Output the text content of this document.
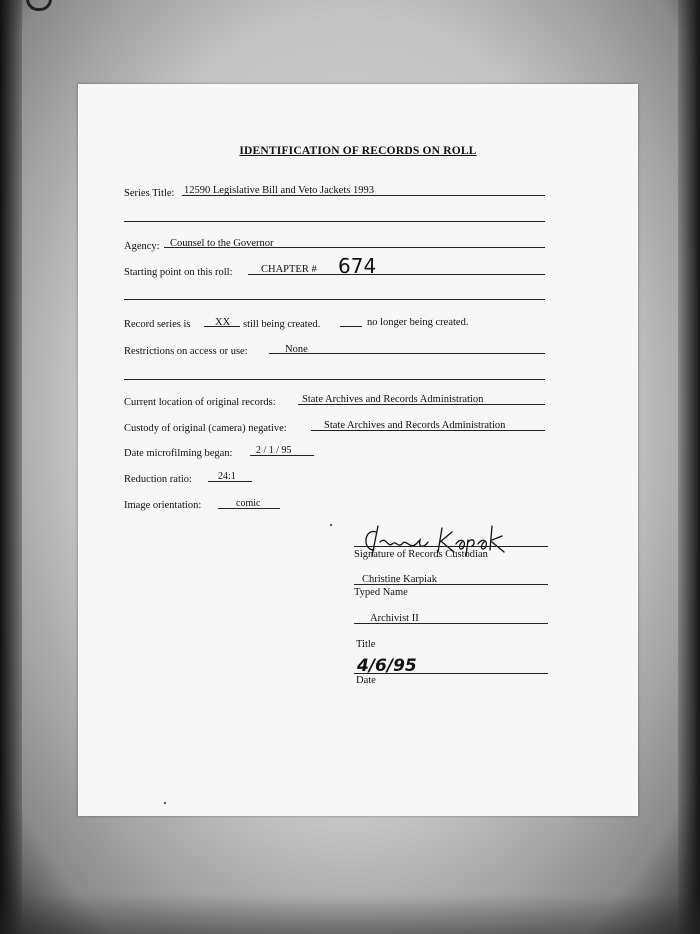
IDENTIFICATION OF RECORDS ON ROLL
Series Title: 12590 Legislative Bill and Veto Jackets 1993
Agency: Counsel to the Governor
Starting point on this roll:	CHAPTER # 674
Record series is XX still being created.	no longer being created.
Restrictions on access or use:	None
Current location of original records:	State Archives and Records Administration
Custody of original (camera) negative:	State Archives and Records Administration
Date microfilming began: 2 / 1 / 95
Reduction ratio:	24:1
Image orientation:	comic
Signature of Records Custodian
Christine Karpiak
Typed Name
Archivist II
Title
4/6/95
Date
